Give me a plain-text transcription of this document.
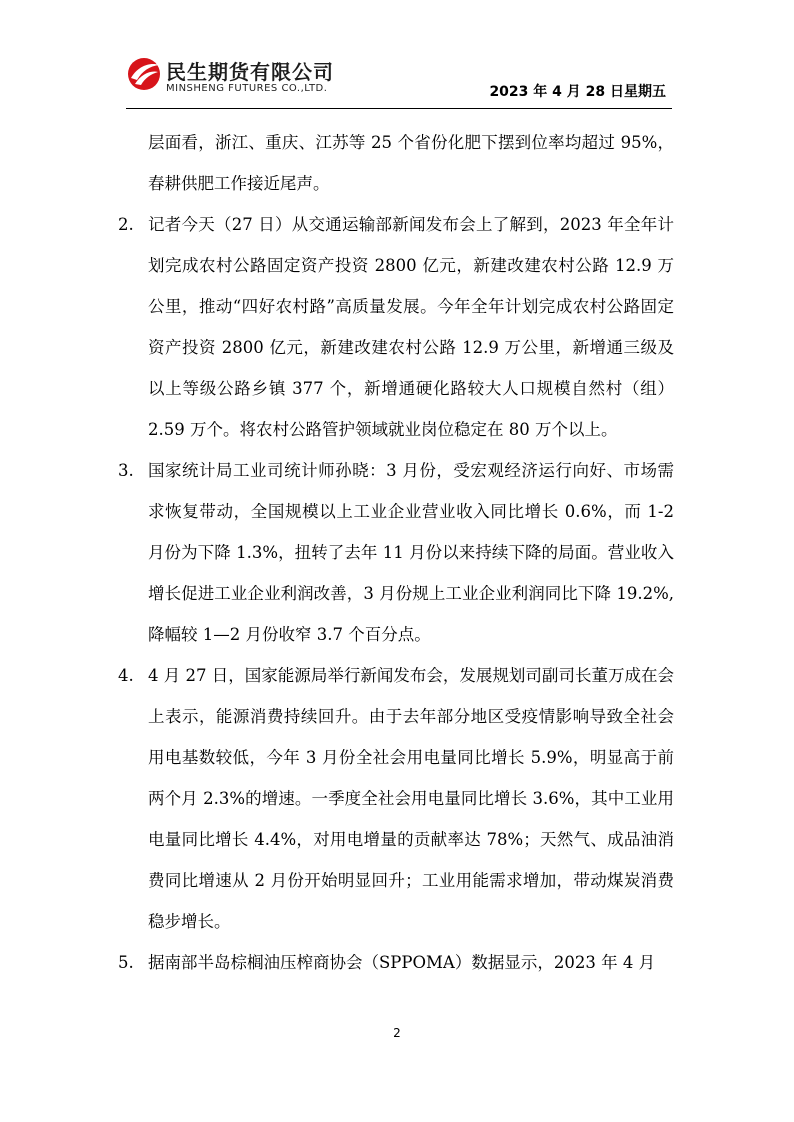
民生期货有限公司
MINSHENG FUTURES CO.,LTD.	2023 年 4 月 28 日星期五
层面看，浙江、重庆、江苏等 25 个省份化肥下摆到位率均超过 95%，春耕供肥工作接近尾声。
2. 记者今天（27 日）从交通运输部新闻发布会上了解到，2023 年全年计划完成农村公路固定资产投资 2800 亿元，新建改建农村公路 12.9 万公里，推动“四好农村路”高质量发展。今年全年计划完成农村公路固定资产投资 2800 亿元，新建改建农村公路 12.9 万公里，新增通三级及以上等级公路乡镇 377 个，新增通硬化路较大人口规模自然村（组）2.59 万个。将农村公路管护领域就业岗位稳定在 80 万个以上。
3. 国家统计局工业司统计师孙晓：3 月份，受宏观经济运行向好、市场需求恢复带动，全国规模以上工业企业营业收入同比增长 0.6%，而 1-2 月份为下降 1.3%，扭转了去年 11 月份以来持续下降的局面。营业收入增长促进工业企业利润改善，3 月份规上工业企业利润同比下降 19.2%,降幅较 1—2 月份收窄 3.7 个百分点。
4. 4 月 27 日，国家能源局举行新闻发布会，发展规划司副司长董万成在会上表示，能源消费持续回升。由于去年部分地区受疫情影响导致全社会用电基数较低，今年 3 月份全社会用电量同比增长 5.9%，明显高于前两个月 2.3%的增速。一季度全社会用电量同比增长 3.6%，其中工业用电量同比增长 4.4%，对用电增量的贡献率达 78%；天然气、成品油消费同比增速从 2 月份开始明显回升；工业用能需求增加，带动煤炭消费稳步增长。
5. 据南部半岛棕榈油压榨商协会（SPPOMA）数据显示，2023 年 4 月
2
